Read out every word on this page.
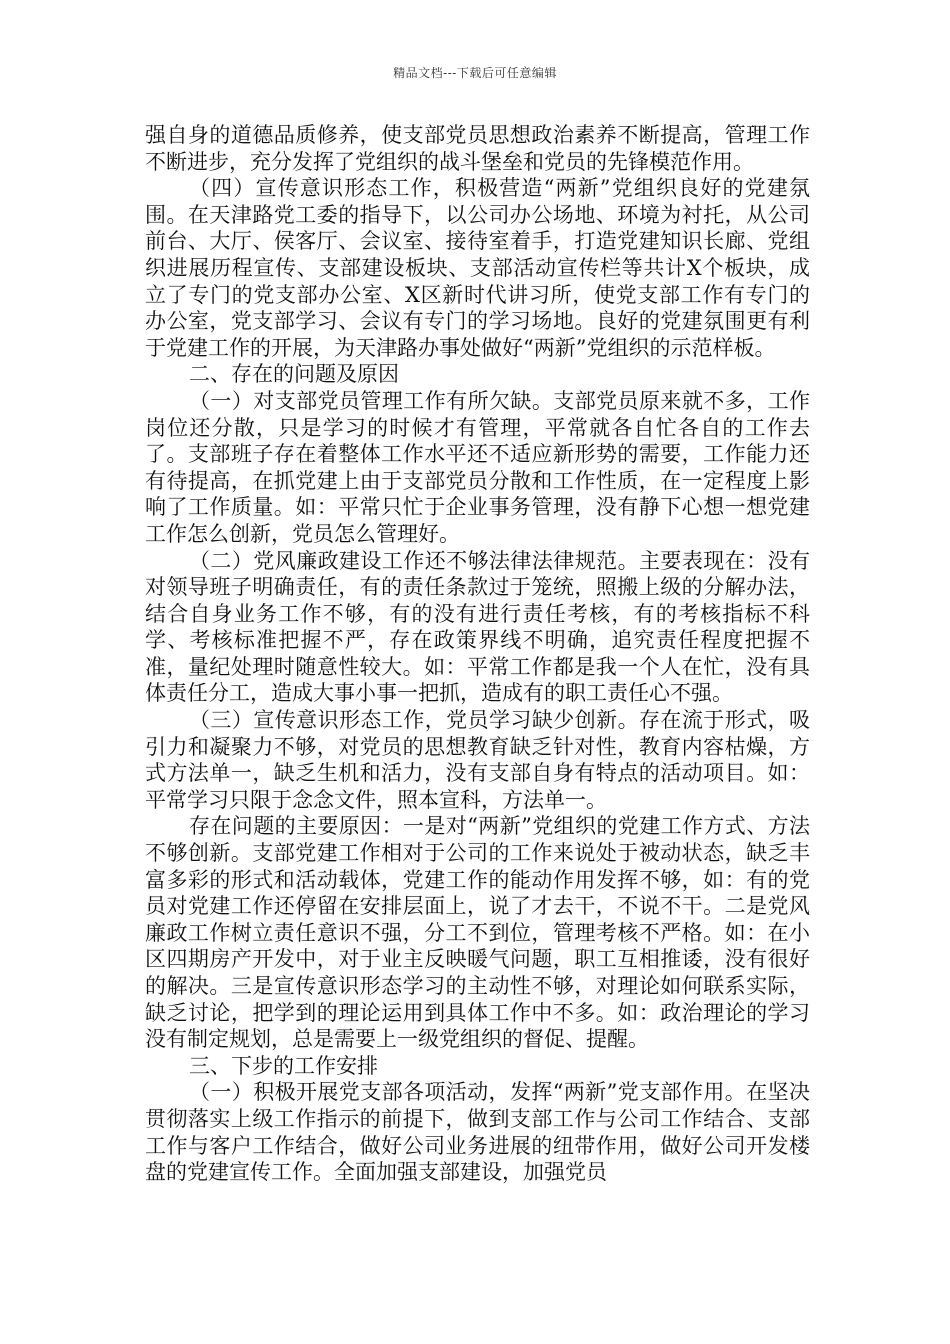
精品文档---下载后可任意编辑

强自身的道德品质修养，使支部党员思想政治素养不断提高，管理工作不断进步，充分发挥了党组织的战斗堡垒和党员的先锋模范作用。

（四）宣传意识形态工作，积极营造“两新”党组织良好的党建氛围。在天津路党工委的指导下，以公司办公场地、环境为衬托，从公司前台、大厅、侯客厅、会议室、接待室着手，打造党建知识长廊、党组织进展历程宣传、支部建设板块、支部活动宣传栏等共计X个板块，成立了专门的党支部办公室、X区新时代讲习所，使党支部工作有专门的办公室，党支部学习、会议有专门的学习场地。良好的党建氛围更有利于党建工作的开展，为天津路办事处做好“两新”党组织的示范样板。

二、存在的问题及原因

（一）对支部党员管理工作有所欠缺。支部党员原来就不多，工作岗位还分散，只是学习的时候才有管理，平常就各自忙各自的工作去了。支部班子存在着整体工作水平还不适应新形势的需要，工作能力还有待提高，在抓党建上由于支部党员分散和工作性质，在一定程度上影响了工作质量。如：平常只忙于企业事务管理，没有静下心想一想党建工作怎么创新，党员怎么管理好。

（二）党风廉政建设工作还不够法律法律规范。主要表现在：没有对领导班子明确责任，有的责任条款过于笼统，照搬上级的分解办法，结合自身业务工作不够，有的没有进行责任考核，有的考核指标不科学、考核标准把握不严，存在政策界线不明确，追究责任程度把握不准，量纪处理时随意性较大。如：平常工作都是我一个人在忙，没有具体责任分工，造成大事小事一把抓，造成有的职工责任心不强。

（三）宣传意识形态工作，党员学习缺少创新。存在流于形式，吸引力和凝聚力不够，对党员的思想教育缺乏针对性，教育内容枯燥，方式方法单一，缺乏生机和活力，没有支部自身有特点的活动项目。如：平常学习只限于念念文件，照本宣科，方法单一。

存在问题的主要原因：一是对“两新”党组织的党建工作方式、方法不够创新。支部党建工作相对于公司的工作来说处于被动状态，缺乏丰富多彩的形式和活动载体，党建工作的能动作用发挥不够，如：有的党员对党建工作还停留在安排层面上，说了才去干，不说不干。二是党风廉政工作树立责任意识不强，分工不到位，管理考核不严格。如：在小区四期房产开发中，对于业主反映暖气问题，职工互相推诿，没有很好的解决。三是宣传意识形态学习的主动性不够，对理论如何联系实际，缺乏讨论，把学到的理论运用到具体工作中不多。如：政治理论的学习没有制定规划，总是需要上一级党组织的督促、提醒。

三、下步的工作安排

（一）积极开展党支部各项活动，发挥“两新”党支部作用。在坚决贯彻落实上级工作指示的前提下，做到支部工作与公司工作结合、支部工作与客户工作结合，做好公司业务进展的纽带作用，做好公司开发楼盘的党建宣传工作。全面加强支部建设，加强党员
